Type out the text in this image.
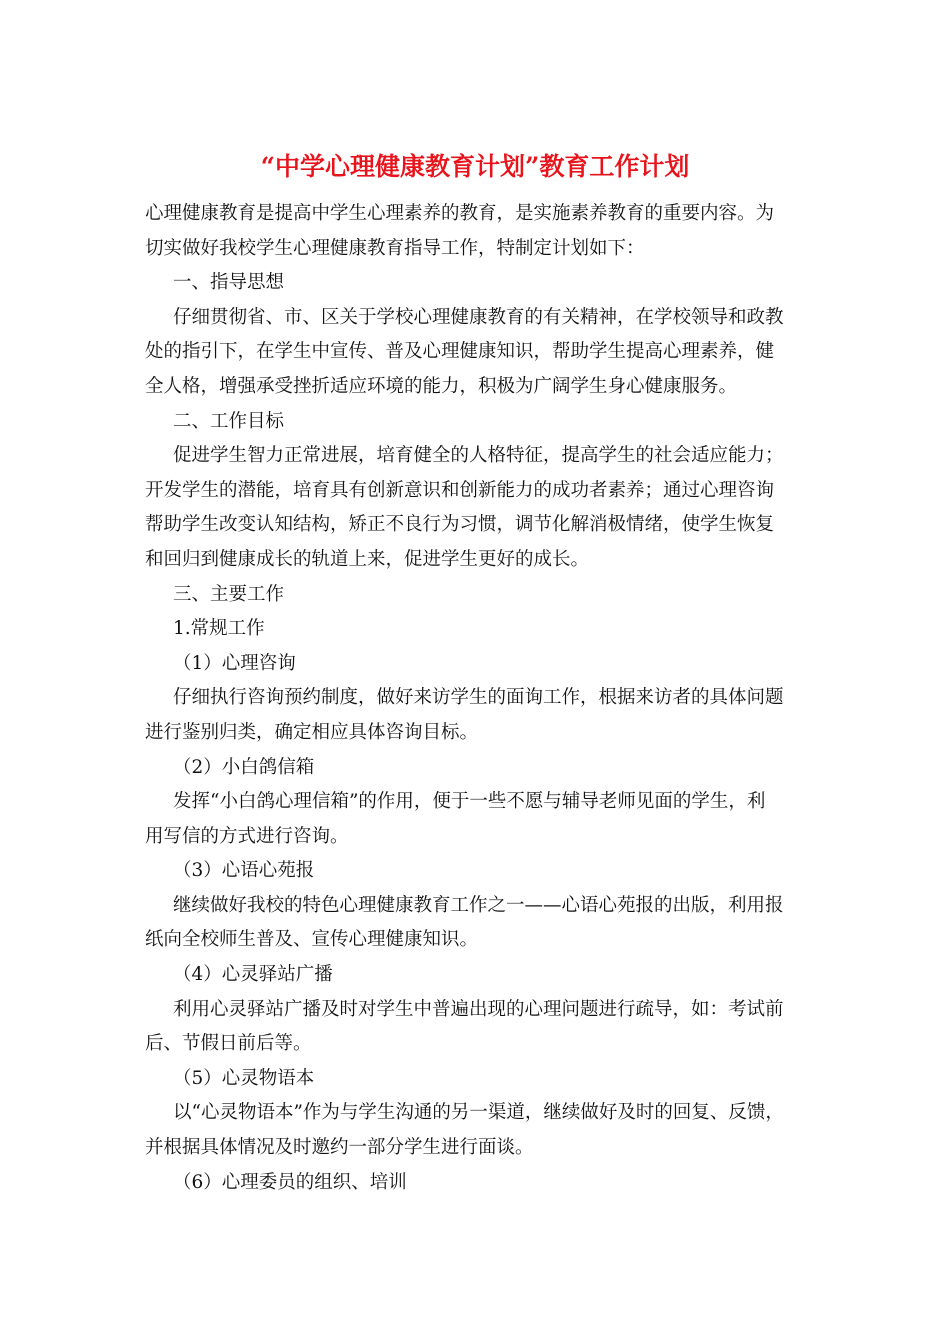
“中学心理健康教育计划”教育工作计划
心理健康教育是提高中学生心理素养的教育，是实施素养教育的重要内容。为
切实做好我校学生心理健康教育指导工作，特制定计划如下：
一、指导思想
仔细贯彻省、市、区关于学校心理健康教育的有关精神，在学校领导和政教
处的指引下，在学生中宣传、普及心理健康知识，帮助学生提高心理素养，健
全人格，增强承受挫折适应环境的能力，积极为广阔学生身心健康服务。
二、工作目标
促进学生智力正常进展，培育健全的人格特征，提高学生的社会适应能力；
开发学生的潜能，培育具有创新意识和创新能力的成功者素养；通过心理咨询
帮助学生改变认知结构，矫正不良行为习惯，调节化解消极情绪，使学生恢复
和回归到健康成长的轨道上来，促进学生更好的成长。
三、主要工作
1.常规工作
（1）心理咨询
仔细执行咨询预约制度，做好来访学生的面询工作，根据来访者的具体问题
进行鉴别归类，确定相应具体咨询目标。
（2）小白鸽信箱
发挥“小白鸽心理信箱”的作用，便于一些不愿与辅导老师见面的学生，利
用写信的方式进行咨询。
（3）心语心苑报
继续做好我校的特色心理健康教育工作之一——心语心苑报的出版，利用报
纸向全校师生普及、宣传心理健康知识。
（4）心灵驿站广播
利用心灵驿站广播及时对学生中普遍出现的心理问题进行疏导，如：考试前
后、节假日前后等。
（5）心灵物语本
以“心灵物语本”作为与学生沟通的另一渠道，继续做好及时的回复、反馈，
并根据具体情况及时邀约一部分学生进行面谈。
（6）心理委员的组织、培训
